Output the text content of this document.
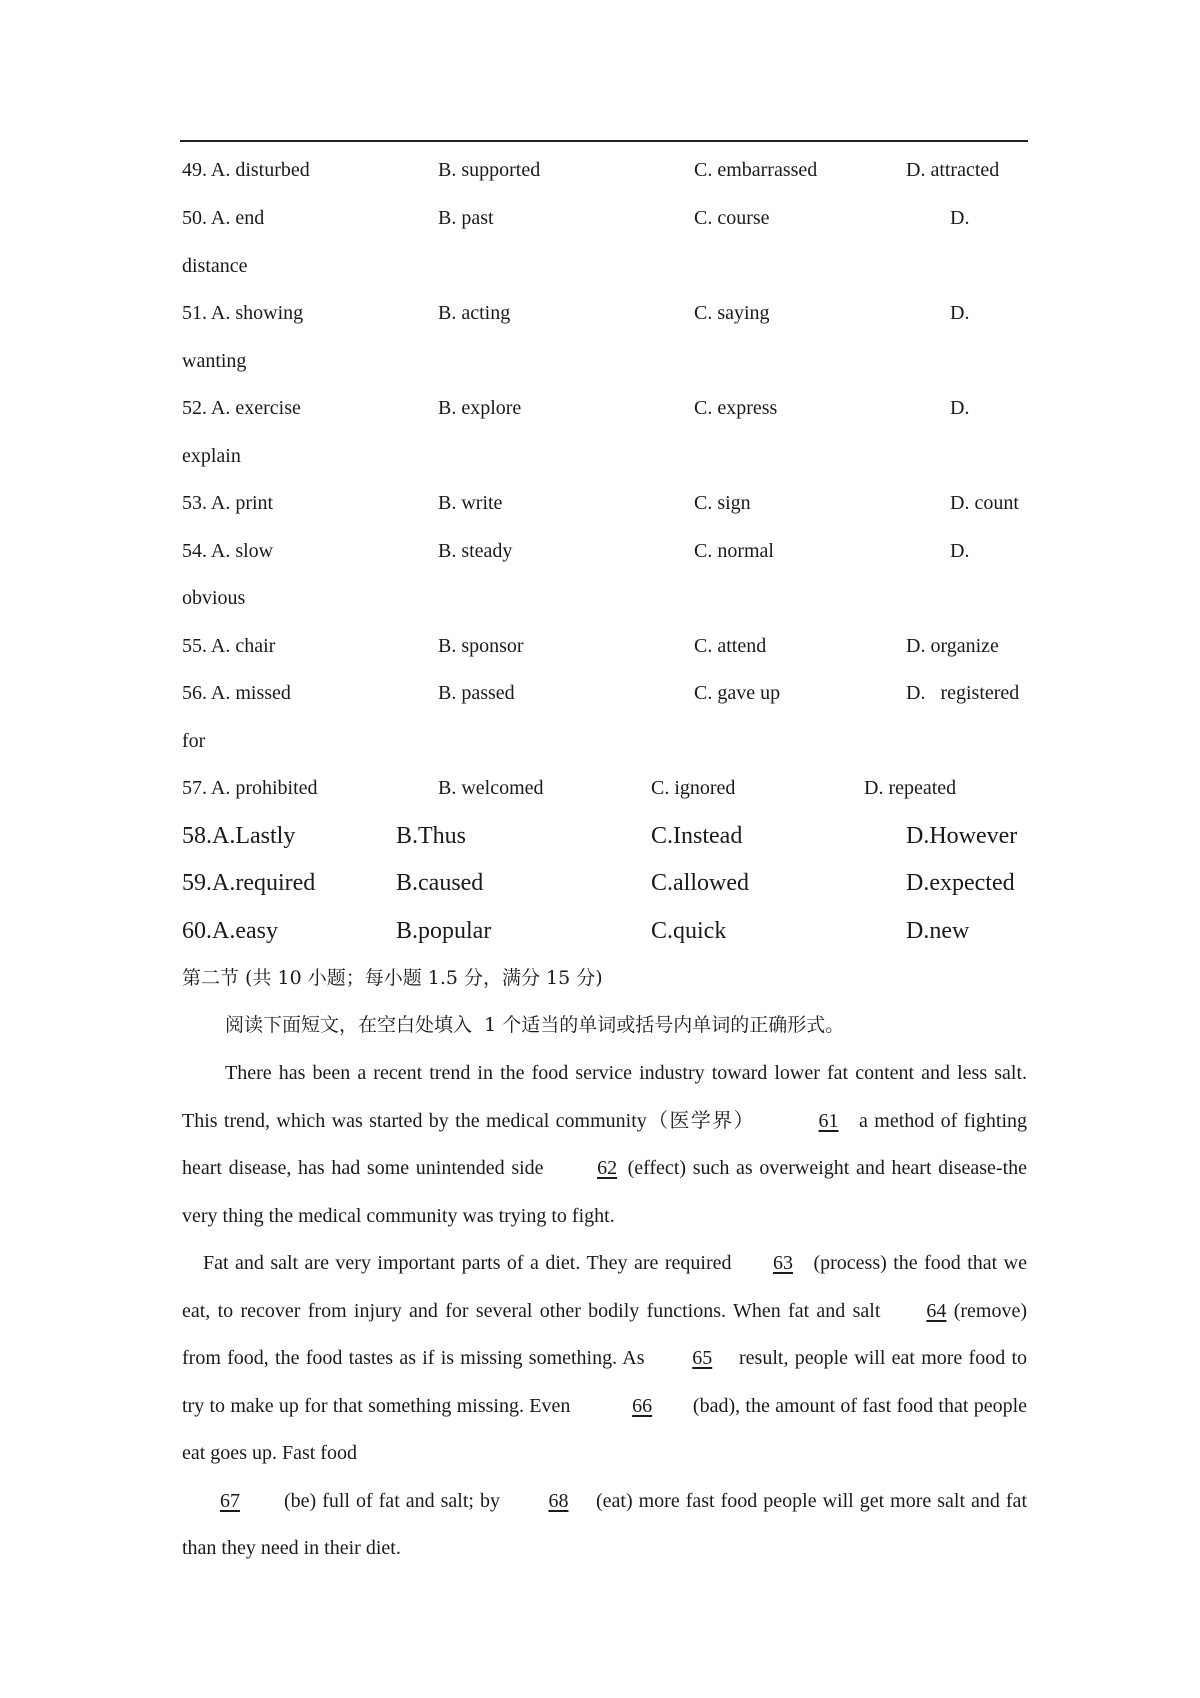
49. A. disturbed	B. supported	C. embarrassed	D. attracted
50. A. end	B. past	C. course	D.
distance
51. A. showing	B. acting	C. saying	D.
wanting
52. A. exercise	B. explore	C. express	D.
explain
53. A. print	B. write	C. sign	D. count
54. A. slow	B. steady	C. normal	D.
obvious
55. A. chair	B. sponsor	C. attend	D. organize
56. A. missed	B. passed	C. gave up	D.   registered
for
57. A. prohibited	B. welcomed	C. ignored	D. repeated
58.A.Lastly	B.Thus	C.Instead	D.However
59.A.required	B.caused	C.allowed	D.expected
60.A.easy	B.popular	C.quick	D.new
第二节 (共 10 小题；每小题 1.5 分，满分 15 分)
阅读下面短文，在空白处填入  1 个适当的单词或括号内单词的正确形式。
There has been a recent trend in the food service industry toward lower fat content and less salt. This trend, which was started by the medical community（医学界）	61 a method of fighting heart disease, has had some unintended side	62 (effect) such as overweight and heart disease-the very thing the medical community was trying to fight.
Fat and salt are very important parts of a diet. They are required 63 (process) the food that we eat, to recover from injury and for several other bodily functions. When fat and salt 64 (remove) from food, the food tastes as if is missing something. As 65 result, people will eat more food to try to make up for that something missing. Even	66 (bad), the amount of fast food that people eat goes up. Fast food
67 (be) full of fat and salt; by 68 (eat) more fast food people will get more salt and fat than they need in their diet.
